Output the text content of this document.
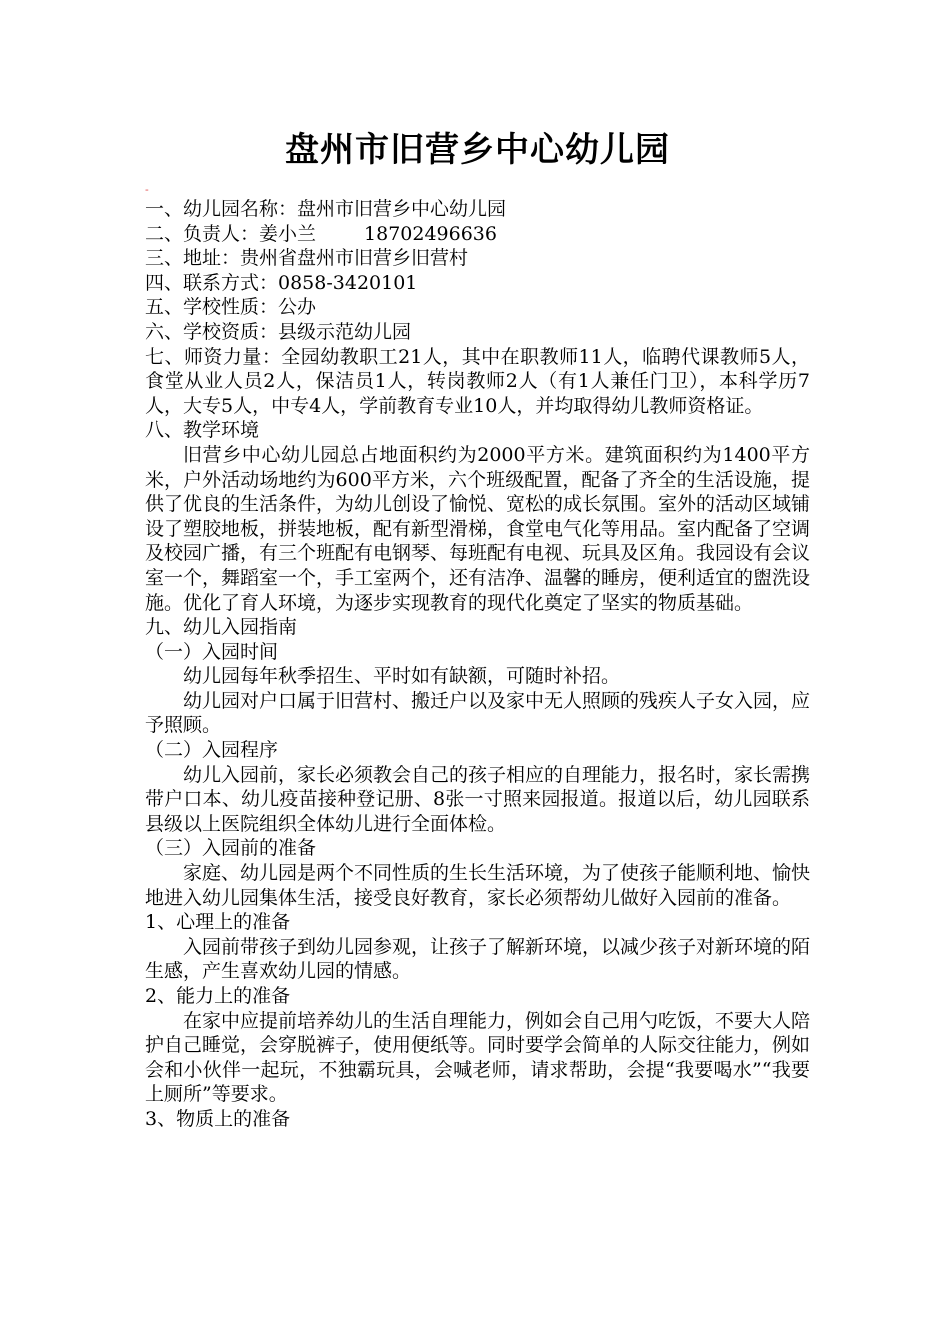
盘州市旧营乡中心幼儿园
-

一、幼儿园名称：盘州市旧营乡中心幼儿园

二、负责人：姜小兰	18702496636

三、地址：贵州省盘州市旧营乡旧营村

四、联系方式：0858-3420101

五、学校性质：公办

六、学校资质：县级示范幼儿园

七、师资力量：全园幼教职工21人，其中在职教师11人，临聘代课教师5人，食堂从业人员2人，保洁员1人，转岗教师2人（有1人兼任门卫），本科学历7人，大专5人，中专4人，学前教育专业10人，并均取得幼儿教师资格证。

八、教学环境

旧营乡中心幼儿园总占地面积约为2000平方米。建筑面积约为1400平方米，户外活动场地约为600平方米，六个班级配置，配备了齐全的生活设施，提供了优良的生活条件，为幼儿创设了愉悦、宽松的成长氛围。室外的活动区域铺设了塑胶地板，拼装地板，配有新型滑梯，食堂电气化等用品。室内配备了空调及校园广播，有三个班配有电钢琴、每班配有电视、玩具及区角。我园设有会议室一个，舞蹈室一个，手工室两个，还有洁净、温馨的睡房，便利适宜的盥洗设施。优化了育人环境，为逐步实现教育的现代化奠定了坚实的物质基础。

九、幼儿入园指南

（一）入园时间

幼儿园每年秋季招生、平时如有缺额，可随时补招。

幼儿园对户口属于旧营村、搬迁户以及家中无人照顾的残疾人子女入园，应予照顾。

（二）入园程序

幼儿入园前，家长必须教会自己的孩子相应的自理能力，报名时，家长需携带户口本、幼儿疫苗接种登记册、8张一寸照来园报道。报道以后，幼儿园联系县级以上医院组织全体幼儿进行全面体检。

（三）入园前的准备

家庭、幼儿园是两个不同性质的生长生活环境，为了使孩子能顺利地、愉快地进入幼儿园集体生活，接受良好教育，家长必须帮幼儿做好入园前的准备。

1、心理上的准备

入园前带孩子到幼儿园参观，让孩子了解新环境，以减少孩子对新环境的陌生感，产生喜欢幼儿园的情感。

2、能力上的准备

在家中应提前培养幼儿的生活自理能力，例如会自己用勺吃饭，不要大人陪护自己睡觉，会穿脱裤子，使用便纸等。同时要学会简单的人际交往能力，例如会和小伙伴一起玩，不独霸玩具，会喊老师，请求帮助，会提“我要喝水”“我要上厕所”等要求。

3、物质上的准备
